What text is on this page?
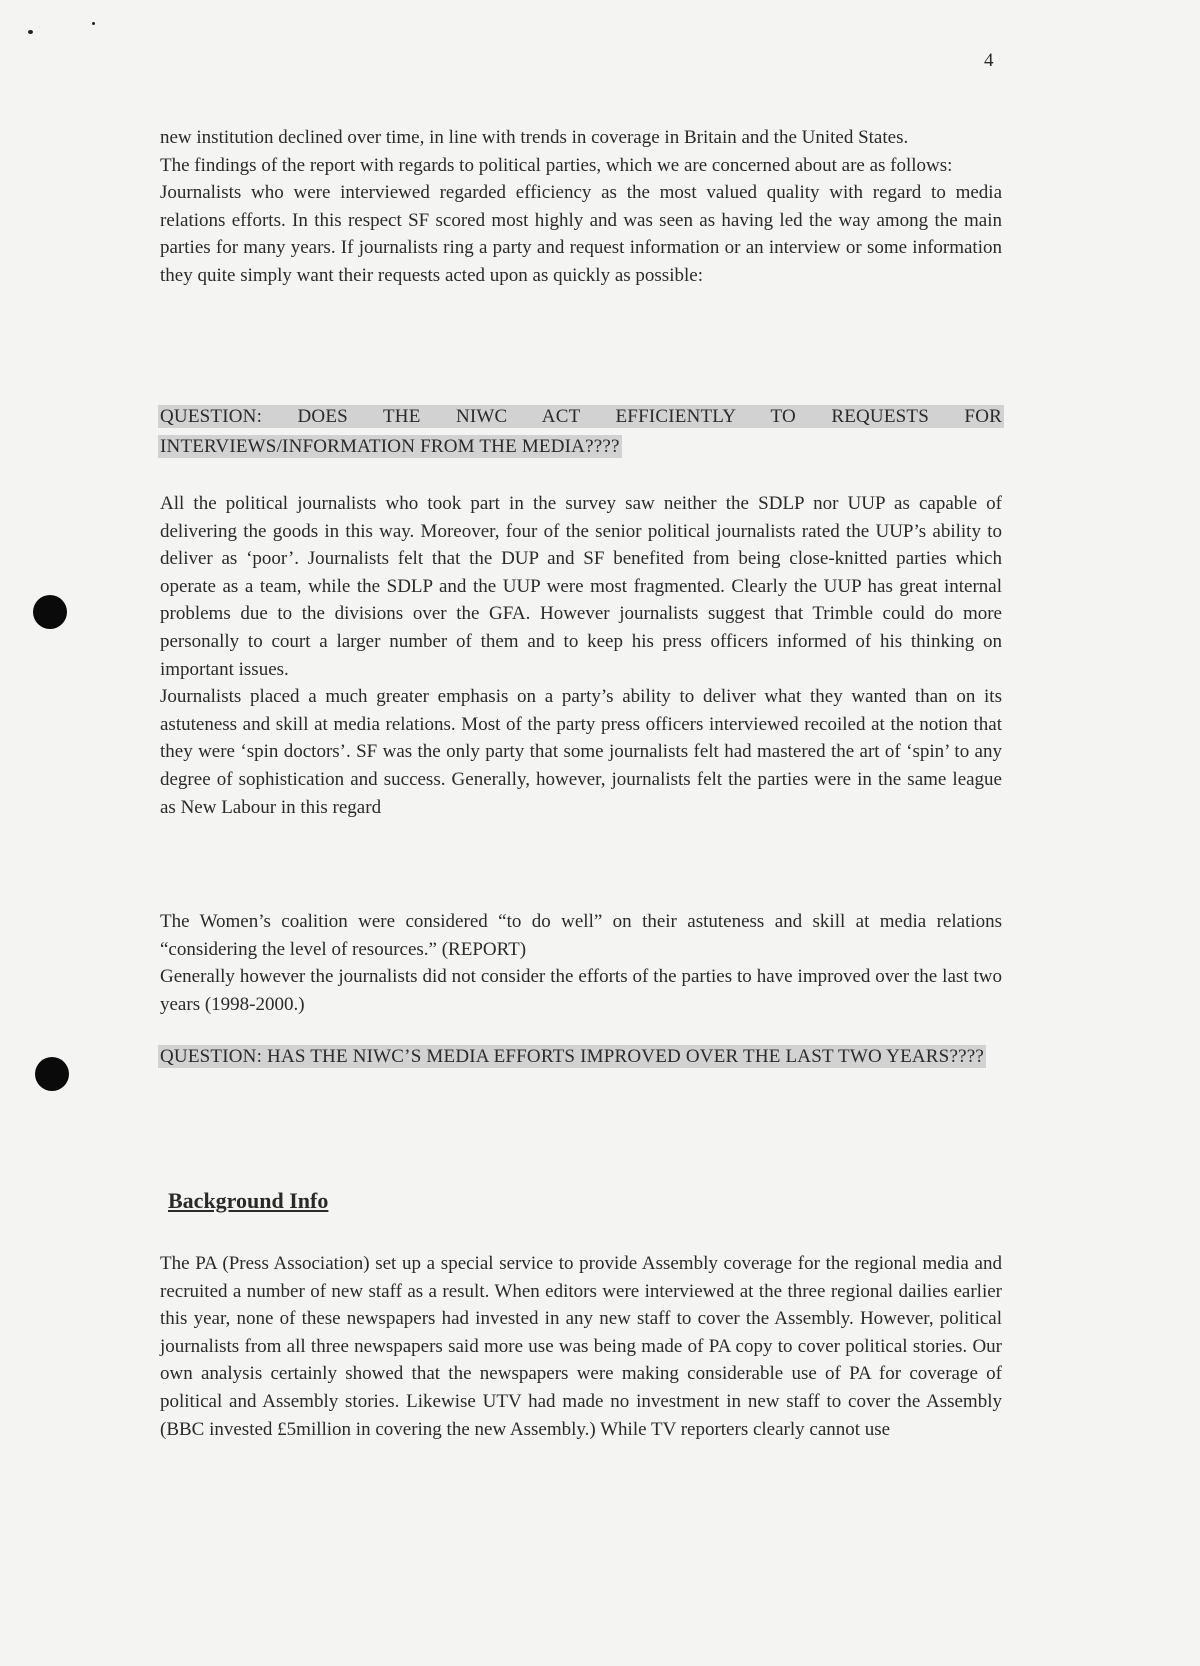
4

new institution declined over time, in line with trends in coverage in Britain and the United States.

The findings of the report with regards to political parties, which we are concerned about are as follows:

Journalists who were interviewed regarded efficiency as the most valued quality with regard to media relations efforts. In this respect SF scored most highly and was seen as having led the way among the main parties for many years. If journalists ring a party and request information or an interview or some information they quite simply want their requests acted upon as quickly as possible:

QUESTION: DOES THE NIWC ACT EFFICIENTLY TO REQUESTS FOR INTERVIEWS/INFORMATION FROM THE MEDIA????

All the political journalists who took part in the survey saw neither the SDLP nor UUP as capable of delivering the goods in this way. Moreover, four of the senior political journalists rated the UUP’s ability to deliver as ‘poor’. Journalists felt that the DUP and SF benefited from being close-knitted parties which operate as a team, while the SDLP and the UUP were most fragmented. Clearly the UUP has great internal problems due to the divisions over the GFA. However journalists suggest that Trimble could do more personally to court a larger number of them and to keep his press officers informed of his thinking on important issues.

Journalists placed a much greater emphasis on a party’s ability to deliver what they wanted than on its astuteness and skill at media relations. Most of the party press officers interviewed recoiled at the notion that they were ‘spin doctors’. SF was the only party that some journalists felt had mastered the art of ‘spin’ to any degree of sophistication and success. Generally, however, journalists felt the parties were in the same league as New Labour in this regard

The Women’s coalition were considered “to do well” on their astuteness and skill at media relations “considering the level of resources.” (REPORT)

Generally however the journalists did not consider the efforts of the parties to have improved over the last two years (1998-2000.)

QUESTION: HAS THE NIWC’S MEDIA EFFORTS IMPROVED OVER THE LAST TWO YEARS????

Background Info

The PA (Press Association) set up a special service to provide Assembly coverage for the regional media and recruited a number of new staff as a result. When editors were interviewed at the three regional dailies earlier this year, none of these newspapers had invested in any new staff to cover the Assembly. However, political journalists from all three newspapers said more use was being made of PA copy to cover political stories. Our own analysis certainly showed that the newspapers were making considerable use of PA for coverage of political and Assembly stories. Likewise UTV had made no investment in new staff to cover the Assembly (BBC invested £5million in covering the new Assembly.) While TV reporters clearly cannot use
